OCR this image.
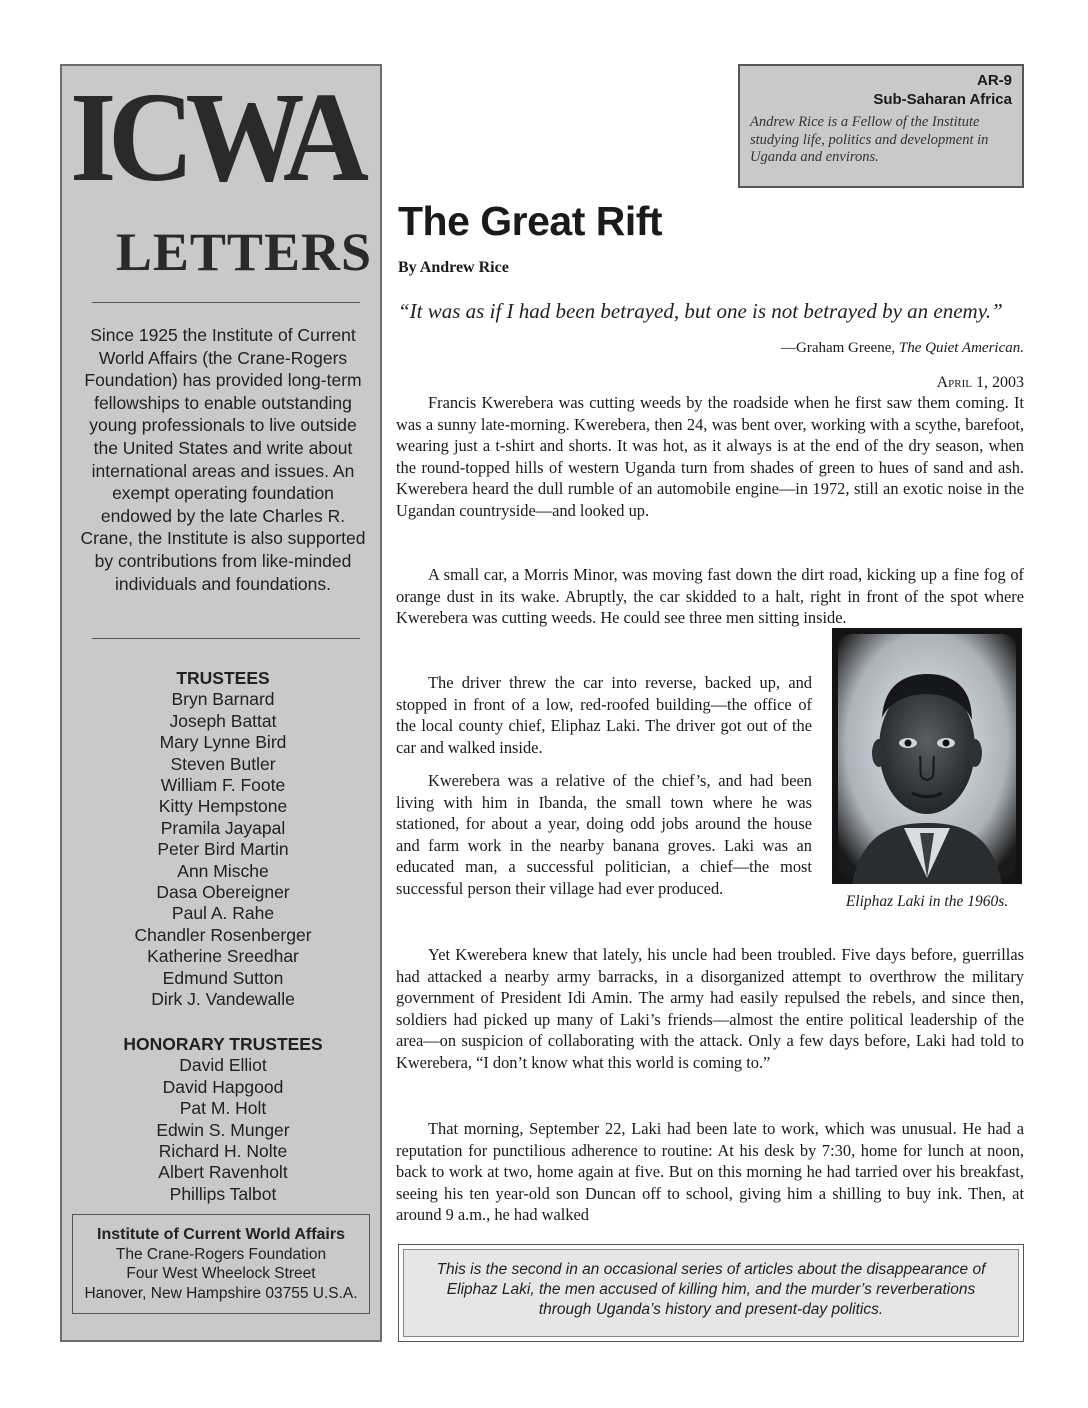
ICWA
LETTERS
Since 1925 the Institute of Current World Affairs (the Crane-Rogers Foundation) has provided long-term fellowships to enable outstanding young professionals to live outside the United States and write about international areas and issues. An exempt operating foundation endowed by the late Charles R. Crane, the Institute is also supported by contributions from like-minded individuals and foundations.
TRUSTEES
Bryn Barnard
Joseph Battat
Mary Lynne Bird
Steven Butler
William F. Foote
Kitty Hempstone
Pramila Jayapal
Peter Bird Martin
Ann Mische
Dasa Obereigner
Paul A. Rahe
Chandler Rosenberger
Katherine Sreedhar
Edmund Sutton
Dirk J. Vandewalle
HONORARY TRUSTEES
David Elliot
David Hapgood
Pat M. Holt
Edwin S. Munger
Richard H. Nolte
Albert Ravenholt
Phillips Talbot
Institute of Current World Affairs
The Crane-Rogers Foundation
Four West Wheelock Street
Hanover, New Hampshire 03755 U.S.A.
AR-9
Sub-Saharan Africa
Andrew Rice is a Fellow of the Institute studying life, politics and development in Uganda and environs.
The Great Rift
By Andrew Rice
“It was as if I had been betrayed, but one is not betrayed by an enemy.”
—Graham Greene, The Quiet American.
April 1, 2003

Francis Kwerebera was cutting weeds by the roadside when he first saw them coming. It was a sunny late-morning. Kwerebera, then 24, was bent over, working with a scythe, barefoot, wearing just a t-shirt and shorts. It was hot, as it always is at the end of the dry season, when the round-topped hills of western Uganda turn from shades of green to hues of sand and ash. Kwerebera heard the dull rumble of an automobile engine—in 1972, still an exotic noise in the Ugandan countryside—and looked up.

A small car, a Morris Minor, was moving fast down the dirt road, kicking up a fine fog of orange dust in its wake. Abruptly, the car skidded to a halt, right in front of the spot where Kwerebera was cutting weeds. He could see three men sitting inside.

The driver threw the car into reverse, backed up, and stopped in front of a low, red-roofed building—the office of the local county chief, Eliphaz Laki. The driver got out of the car and walked inside.

Kwerebera was a relative of the chief’s, and had been living with him in Ibanda, the small town where he was stationed, for about a year, doing odd jobs around the house and farm work in the nearby banana groves. Laki was an educated man, a successful politician, a chief—the most successful person their village had ever produced.

Yet Kwerebera knew that lately, his uncle had been troubled. Five days before, guerrillas had attacked a nearby army barracks, in a disorganized attempt to overthrow the military government of President Idi Amin. The army had easily repulsed the rebels, and since then, soldiers had picked up many of Laki’s friends—almost the entire political leadership of the area—on suspicion of collaborating with the attack. Only a few days before, Laki had told to Kwerebera, “I don’t know what this world is coming to.”

That morning, September 22, Laki had been late to work, which was unusual. He had a reputation for punctilious adherence to routine: At his desk by 7:30, home for lunch at noon, back to work at two, home again at five. But on this morning he had tarried over his breakfast, seeing his ten year-old son Duncan off to school, giving him a shilling to buy ink. Then, at around 9 a.m., he had walked

Eliphaz Laki in the 1960s.
This is the second in an occasional series of articles about the disappearance of Eliphaz Laki, the men accused of killing him, and the murder’s reverberations through Uganda’s history and present-day politics.
